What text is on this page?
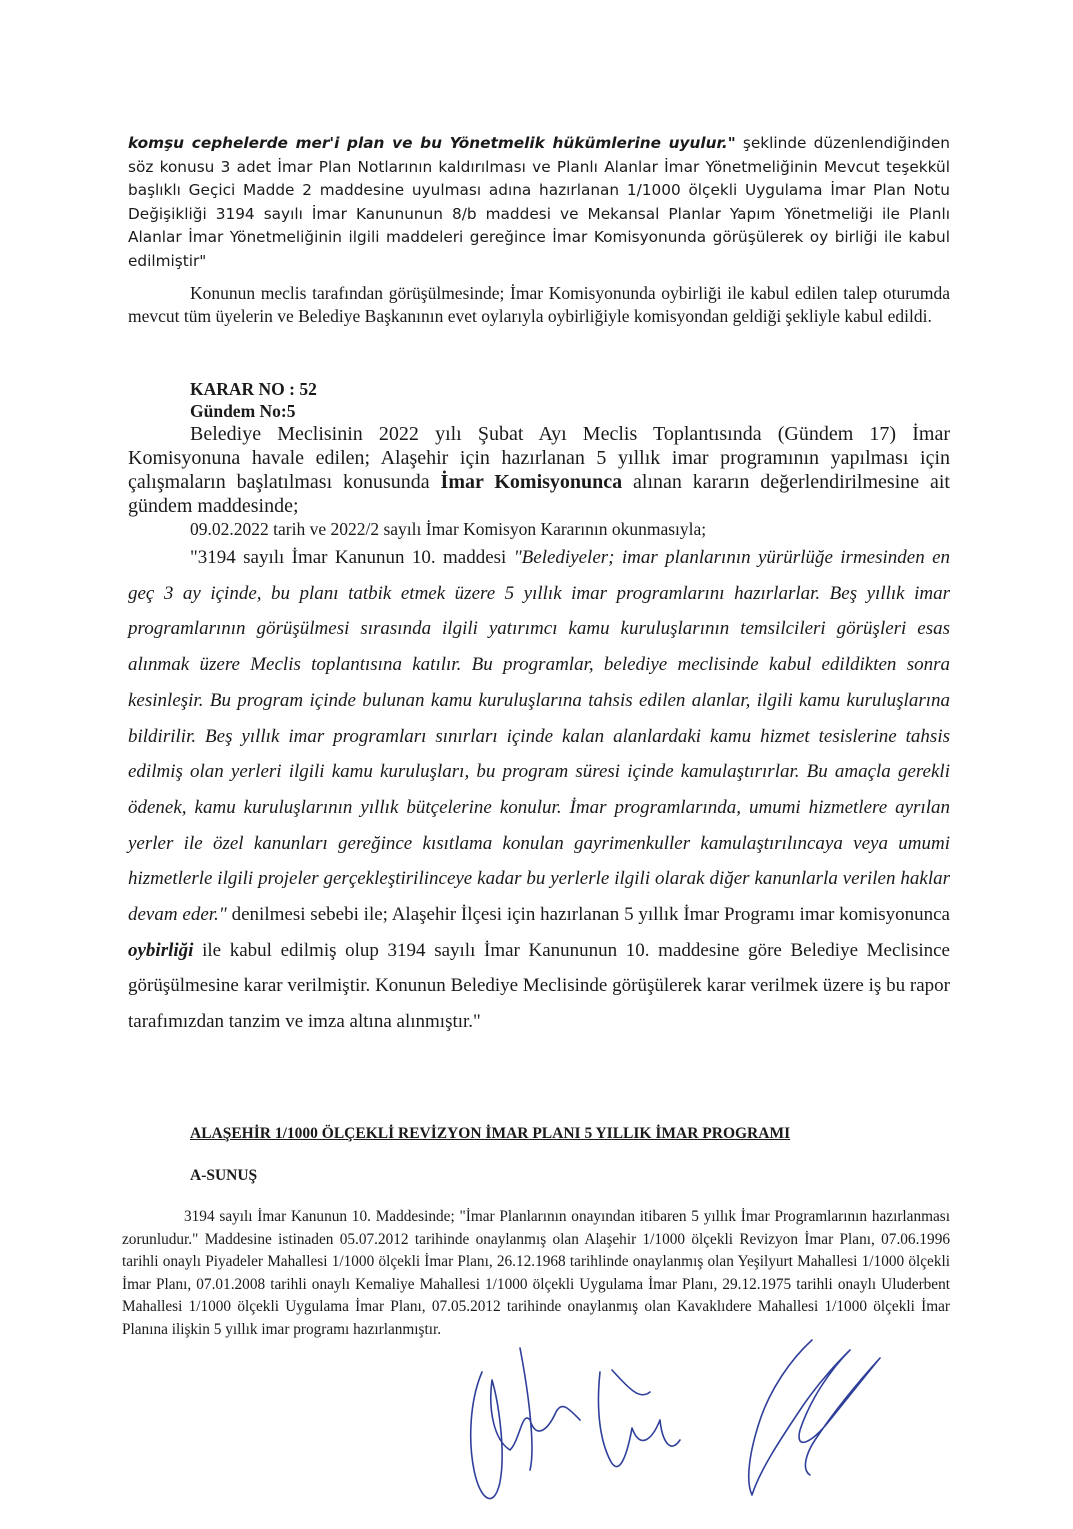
komşu cephelerde mer'i plan ve bu Yönetmelik hükümlerine uyulur." şeklinde düzenlendiğinden söz konusu 3 adet İmar Plan Notlarının kaldırılması ve Planlı Alanlar İmar Yönetmeliğinin Mevcut teşekkül başlıklı Geçici Madde 2 maddesine uyulması adına hazırlanan 1/1000 ölçekli Uygulama İmar Plan Notu Değişikliği 3194 sayılı İmar Kanununun 8/b maddesi ve Mekansal Planlar Yapım Yönetmeliği ile Planlı Alanlar İmar Yönetmeliğinin ilgili maddeleri gereğince İmar Komisyonunda görüşülerek oy birliği ile kabul edilmiştir"
Konunun meclis tarafından görüşülmesinde; İmar Komisyonunda oybirliği ile kabul edilen talep oturumda mevcut tüm üyelerin ve Belediye Başkanının evet oylarıyla oybirliğiyle komisyondan geldiği şekliyle kabul edildi.
KARAR NO : 52
Gündem No:5
Belediye Meclisinin 2022 yılı Şubat Ayı Meclis Toplantısında (Gündem 17) İmar Komisyonuna havale edilen; Alaşehir için hazırlanan 5 yıllık imar programının yapılması için çalışmaların başlatılması konusunda İmar Komisyonunca alınan kararın değerlendirilmesine ait gündem maddesinde;
09.02.2022 tarih ve 2022/2 sayılı İmar Komisyon Kararının okunmasıyla;
"3194 sayılı İmar Kanunun 10. maddesi "Belediyeler; imar planlarının yürürlüğe irmesinden en geç 3 ay içinde, bu planı tatbik etmek üzere 5 yıllık imar programlarını hazırlarlar. Beş yıllık imar programlarının görüşülmesi sırasında ilgili yatırımcı kamu kuruluşlarının temsilcileri görüşleri esas alınmak üzere Meclis toplantısına katılır. Bu programlar, belediye meclisinde kabul edildikten sonra kesinleşir. Bu program içinde bulunan kamu kuruluşlarına tahsis edilen alanlar, ilgili kamu kuruluşlarına bildirilir. Beş yıllık imar programları sınırları içinde kalan alanlardaki kamu hizmet tesislerine tahsis edilmiş olan yerleri ilgili kamu kuruluşları, bu program süresi içinde kamulaştırırlar. Bu amaçla gerekli ödenek, kamu kuruluşlarının yıllık bütçelerine konulur. İmar programlarında, umumi hizmetlere ayrılan yerler ile özel kanunları gereğince kısıtlama konulan gayrimenkuller kamulaştırılıncaya veya umumi hizmetlerle ilgili projeler gerçekleştirilinceye kadar bu yerlerle ilgili olarak diğer kanunlarla verilen haklar devam eder." denilmesi sebebi ile; Alaşehir İlçesi için hazırlanan 5 yıllık İmar Programı imar komisyonunca oybirliği ile kabul edilmiş olup 3194 sayılı İmar Kanununun 10. maddesine göre Belediye Meclisince görüşülmesine karar verilmiştir. Konunun Belediye Meclisinde görüşülerek karar verilmek üzere iş bu rapor tarafımızdan tanzim ve imza altına alınmıştır."
ALAŞEHİR 1/1000 ÖLÇEKLİ REVİZYON İMAR PLANI 5 YILLIK İMAR PROGRAMI
A-SUNUŞ
3194 sayılı İmar Kanunun 10. Maddesinde; "İmar Planlarının onayından itibaren 5 yıllık İmar Programlarının hazırlanması zorunludur." Maddesine istinaden 05.07.2012 tarihinde onaylanmış olan Alaşehir 1/1000 ölçekli Revizyon İmar Planı, 07.06.1996 tarihli onaylı Piyadeler Mahallesi 1/1000 ölçekli İmar Planı, 26.12.1968 tarihlinde onaylanmış olan Yeşilyurt Mahallesi 1/1000 ölçekli İmar Planı, 07.01.2008 tarihli onaylı Kemaliye Mahallesi 1/1000 ölçekli Uygulama İmar Planı, 29.12.1975 tarihli onaylı Uluderbent Mahallesi 1/1000 ölçekli Uygulama İmar Planı, 07.05.2012 tarihinde onaylanmış olan Kavaklıdere Mahallesi 1/1000 ölçekli İmar Planına ilişkin 5 yıllık imar programı hazırlanmıştır.
